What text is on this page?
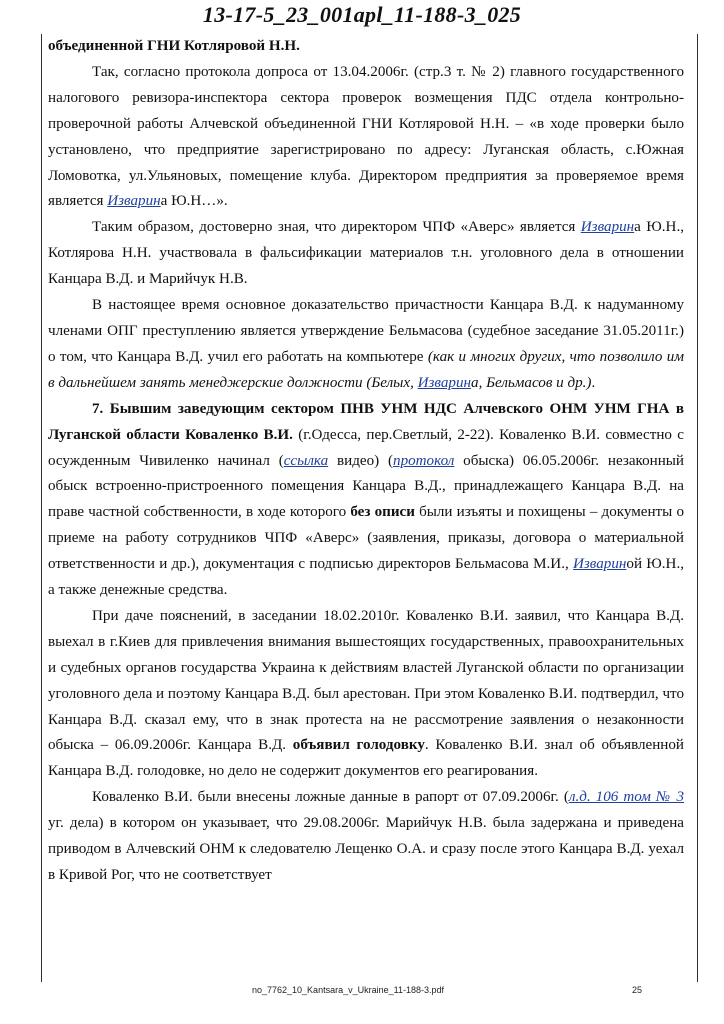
13-17-5_23_001apl_11-188-3_025

объединенной ГНИ Котляровой Н.Н.

Так, согласно протокола допроса от 13.04.2006г. (стр.3 т. № 2) главного государственного налогового ревизора-инспектора сектора проверок возмещения ПДС отдела контрольно-проверочной работы Алчевской объединенной ГНИ Котляровой Н.Н. – «в ходе проверки было установлено, что предприятие зарегистрировано по адресу: Луганская область, с.Южная Ломовотка, ул.Ульяновых, помещение клуба. Директором предприятия за проверяемое время является Изварина Ю.Н…».

Таким образом, достоверно зная, что директором ЧПФ «Аверс» является Изварина Ю.Н., Котлярова Н.Н. участвовала в фальсификации материалов т.н. уголовного дела в отношении Канцара В.Д. и Марийчук Н.В.

В настоящее время основное доказательство причастности Канцара В.Д. к надуманному членами ОПГ преступлению является утверждение Бельмасова (судебное заседание 31.05.2011г.) о том, что Канцара В.Д. учил его работать на компьютере (как и многих других, что позволило им в дальнейшем занять менеджерские должности (Белых, Изварина, Бельмасов и др.).

7. Бывшим заведующим сектором ПНВ УНМ НДС Алчевского ОНМ УНМ ГНА в Луганской области Коваленко В.И. (г.Одесса, пер.Светлый, 2-22). Коваленко В.И. совместно с осужденным Чивиленко начинал (ссылка видео) (протокол обыска) 06.05.2006г. незаконный обыск встроенно-пристроенного помещения Канцара В.Д., принадлежащего Канцара В.Д. на праве частной собственности, в ходе которого без описи были изъяты и похищены – документы о приеме на работу сотрудников ЧПФ «Аверс» (заявления, приказы, договора о материальной ответственности и др.), документация с подписью директоров Бельмасова М.И., Извариной Ю.Н., а также денежные средства.

При даче пояснений, в заседании 18.02.2010г. Коваленко В.И. заявил, что Канцара В.Д. выехал в г.Киев для привлечения внимания вышестоящих государственных, правоохранительных и судебных органов государства Украина к действиям властей Луганской области по организации уголовного дела и поэтому Канцара В.Д. был арестован. При этом Коваленко В.И. подтвердил, что Канцара В.Д. сказал ему, что в знак протеста на не рассмотрение заявления о незаконности обыска – 06.09.2006г. Канцара В.Д. объявил голодовку. Коваленко В.И. знал об объявленной Канцара В.Д. голодовке, но дело не содержит документов его реагирования.

Коваленко В.И. были внесены ложные данные в рапорт от 07.09.2006г. (л.д. 106 том № 3 уг. дела) в котором он указывает, что 29.08.2006г. Марийчук Н.В. была задержана и приведена приводом в Алчевский ОНМ к следователю Лещенко О.А. и сразу после этого Канцара В.Д. уехал в Кривой Рог, что не соответствует

no_7762_10_Kantsara_v_Ukraine_11-188-3.pdf	25
